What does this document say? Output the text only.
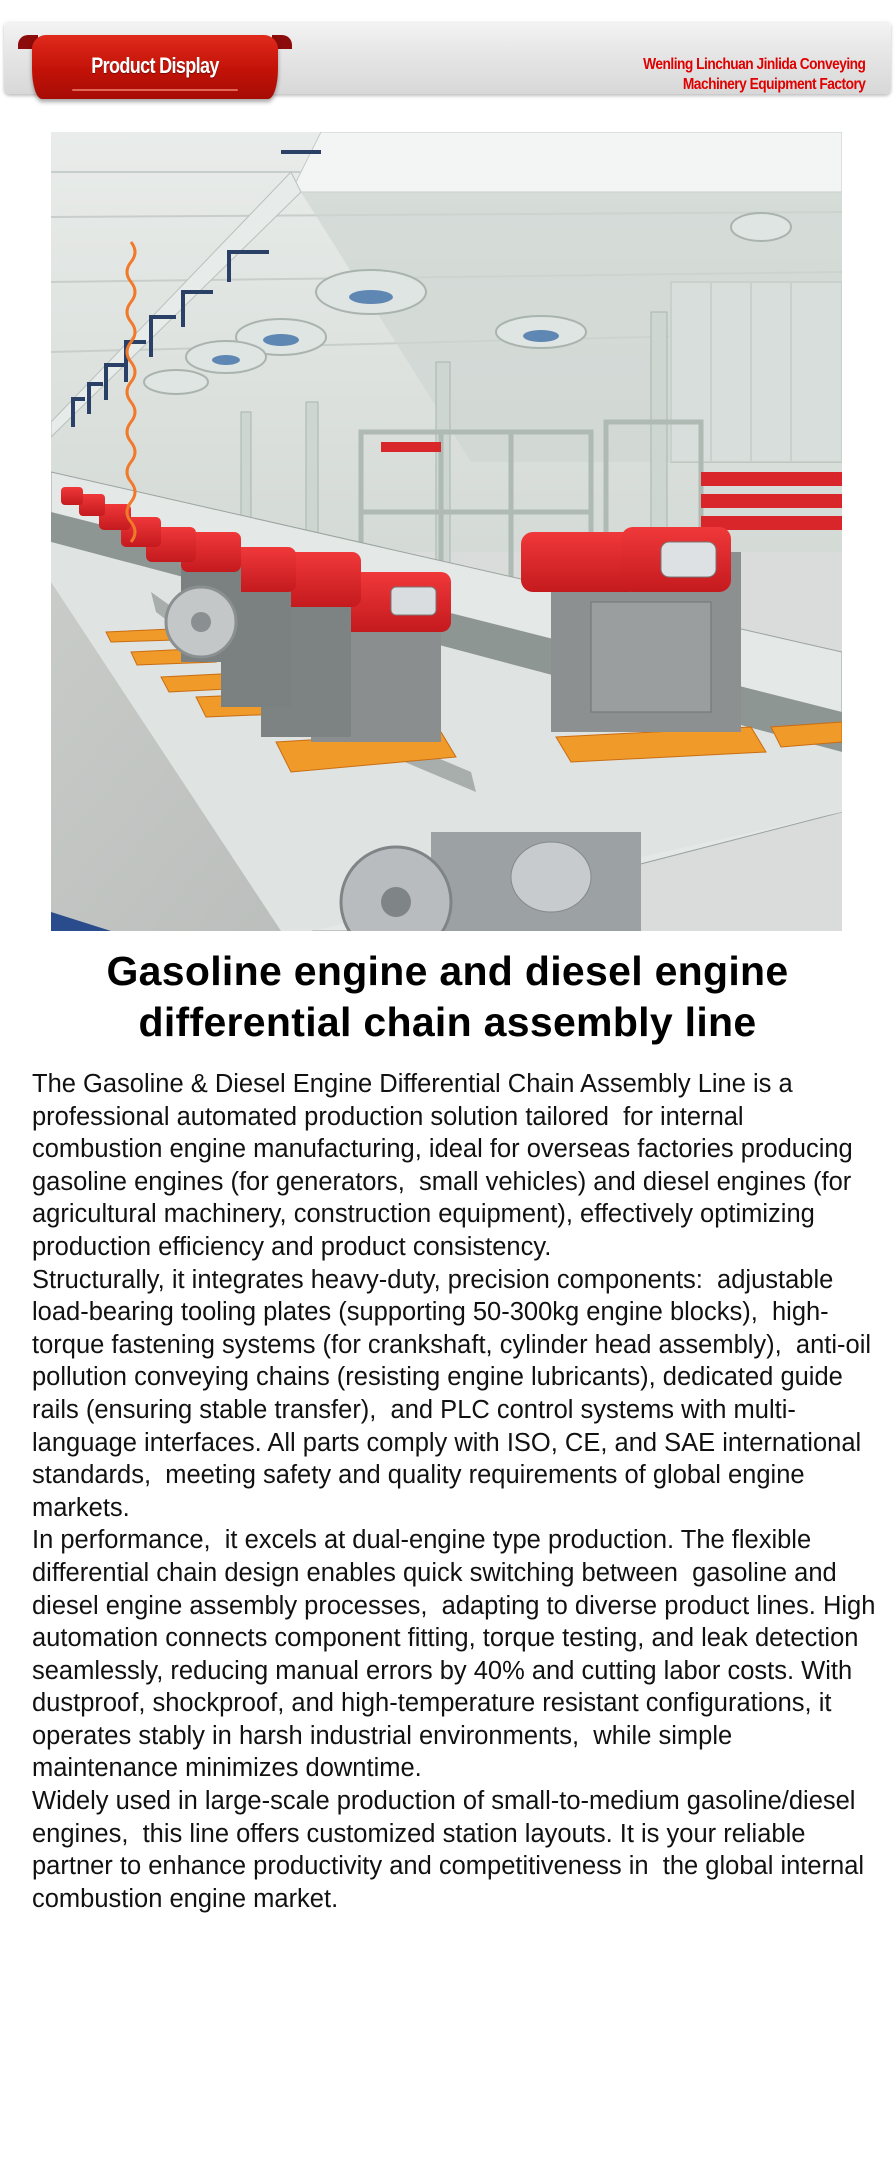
Product Display	Wenling Linchuan Jinlida Conveying
Machinery Equipment Factory
Gasoline engine and diesel engine
differential chain assembly line

The Gasoline & Diesel Engine Differential Chain Assembly Line is a professional automated production solution tailored  for internal combustion engine manufacturing, ideal for overseas factories producing gasoline engines (for generators,  small vehicles) and diesel engines (for agricultural machinery, construction equipment), effectively optimizing production efficiency and product consistency.

Structurally, it integrates heavy-duty, precision components:  adjustable load-bearing tooling plates (supporting 50-300kg engine blocks),  high-torque fastening systems (for crankshaft, cylinder head assembly),  anti-oil pollution conveying chains (resisting engine lubricants), dedicated guide rails (ensuring stable transfer),  and PLC control systems with multi-language interfaces. All parts comply with ISO, CE, and SAE international standards,  meeting safety and quality requirements of global engine markets.

In performance,  it excels at dual-engine type production. The flexible differential chain design enables quick switching between  gasoline and diesel engine assembly processes,  adapting to diverse product lines. High automation connects component fitting, torque testing, and leak detection seamlessly, reducing manual errors by 40% and cutting labor costs. With dustproof, shockproof, and high-temperature resistant configurations, it operates stably in harsh industrial environments,  while simple maintenance minimizes downtime.

Widely used in large-scale production of small-to-medium gasoline/diesel engines,  this line offers customized station layouts. It is your reliable partner to enhance productivity and competitiveness in  the global internal combustion engine market.
